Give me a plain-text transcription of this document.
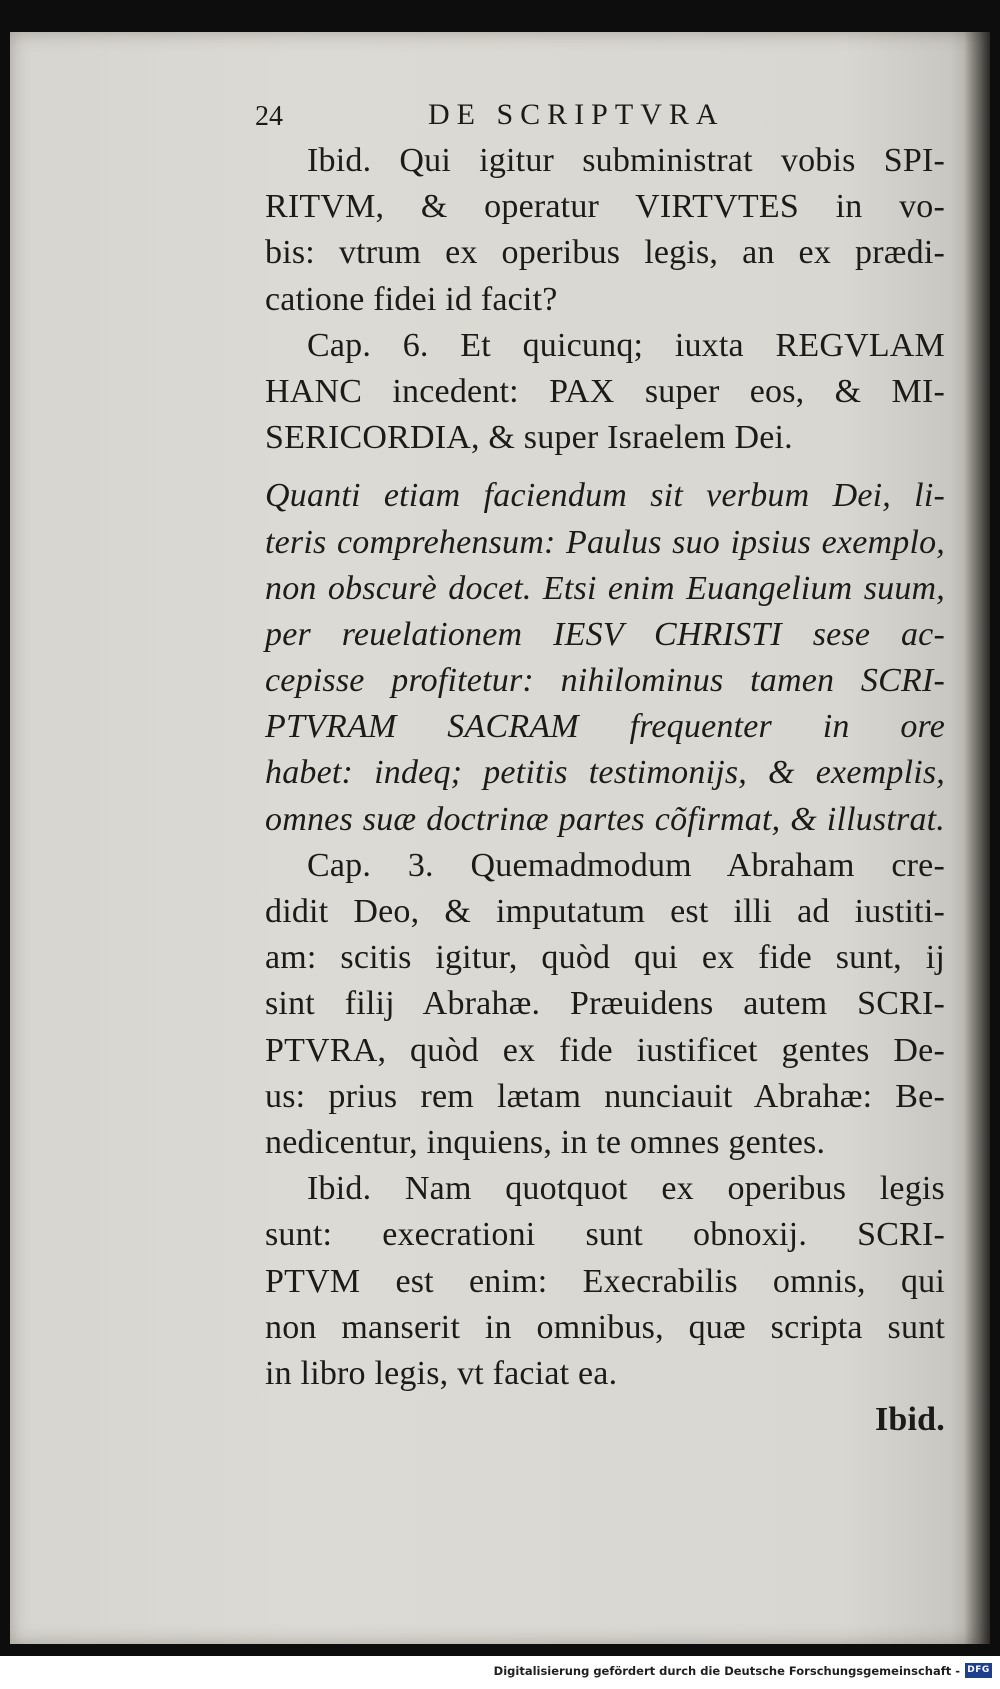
24	DE SCRIPTVRA
Ibid. Qui igitur subministrat vobis SPI-
RITVM, & operatur VIRTVTES in vo-
bis: vtrum ex operibus legis, an ex prædi-
catione fidei id facit?
Cap. 6. Et quicunq; iuxta REGVLAM
HANC incedent: PAX super eos, & MI-
SERICORDIA, & super Israelem Dei.
Quanti etiam faciendum sit verbum Dei, li-
teris comprehensum: Paulus suo ipsius exemplo,
non obscurè docet. Etsi enim Euangelium suum,
per reuelationem IESV CHRISTI sese ac-
cepisse profitetur: nihilominus tamen SCRI-
PTVRAM SACRAM frequenter in ore
habet: indeq; petitis testimonijs, & exemplis,
omnes suæ doctrinæ partes cõfirmat, & illustrat.
Cap. 3. Quemadmodum Abraham cre-
didit Deo, & imputatum est illi ad iustiti-
am: scitis igitur, quòd qui ex fide sunt, ij
sint filij Abrahæ. Præuidens autem SCRI-
PTVRA, quòd ex fide iustificet gentes De-
us: prius rem lætam nunciauit Abrahæ: Be-
nedicentur, inquiens, in te omnes gentes.
Ibid. Nam quotquot ex operibus legis
sunt: execrationi sunt obnoxij. SCRI-
PTVM est enim: Execrabilis omnis, qui
non manserit in omnibus, quæ scripta sunt
in libro legis, vt faciat ea.
Ibid.
Digitalisierung gefördert durch die Deutsche Forschungsgemeinschaft - DFG
